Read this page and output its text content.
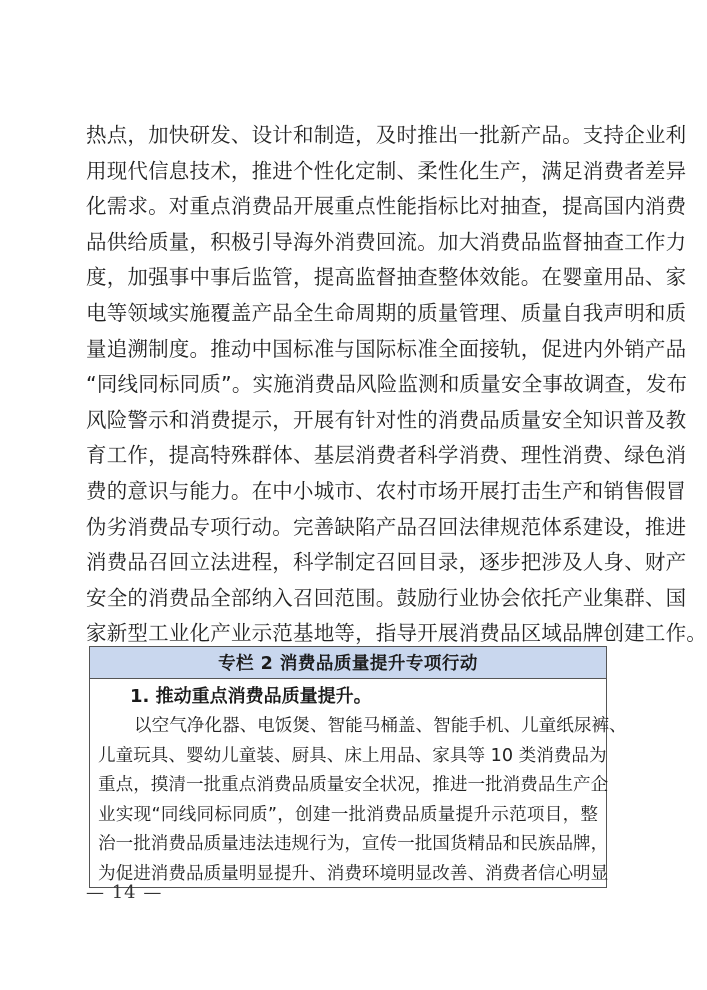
热点，加快研发、设计和制造，及时推出一批新产品。支持企业利
用现代信息技术，推进个性化定制、柔性化生产，满足消费者差异
化需求。对重点消费品开展重点性能指标比对抽查，提高国内消费
品供给质量，积极引导海外消费回流。加大消费品监督抽查工作力
度，加强事中事后监管，提高监督抽查整体效能。在婴童用品、家
电等领域实施覆盖产品全生命周期的质量管理、质量自我声明和质
量追溯制度。推动中国标准与国际标准全面接轨，促进内外销产品
“同线同标同质”。实施消费品风险监测和质量安全事故调查，发布
风险警示和消费提示，开展有针对性的消费品质量安全知识普及教
育工作，提高特殊群体、基层消费者科学消费、理性消费、绿色消
费的意识与能力。在中小城市、农村市场开展打击生产和销售假冒
伪劣消费品专项行动。完善缺陷产品召回法律规范体系建设，推进
消费品召回立法进程，科学制定召回目录，逐步把涉及人身、财产
安全的消费品全部纳入召回范围。鼓励行业协会依托产业集群、国
家新型工业化产业示范基地等，指导开展消费品区域品牌创建工作。
专栏 2 消费品质量提升专项行动
1. 推动重点消费品质量提升。
以空气净化器、电饭煲、智能马桶盖、智能手机、儿童纸尿裤、
儿童玩具、婴幼儿童装、厨具、床上用品、家具等 10 类消费品为
重点，摸清一批重点消费品质量安全状况，推进一批消费品生产企
业实现“同线同标同质”，创建一批消费品质量提升示范项目，整
治一批消费品质量违法违规行为，宣传一批国货精品和民族品牌，
为促进消费品质量明显提升、消费环境明显改善、消费者信心明显
— 14 —
